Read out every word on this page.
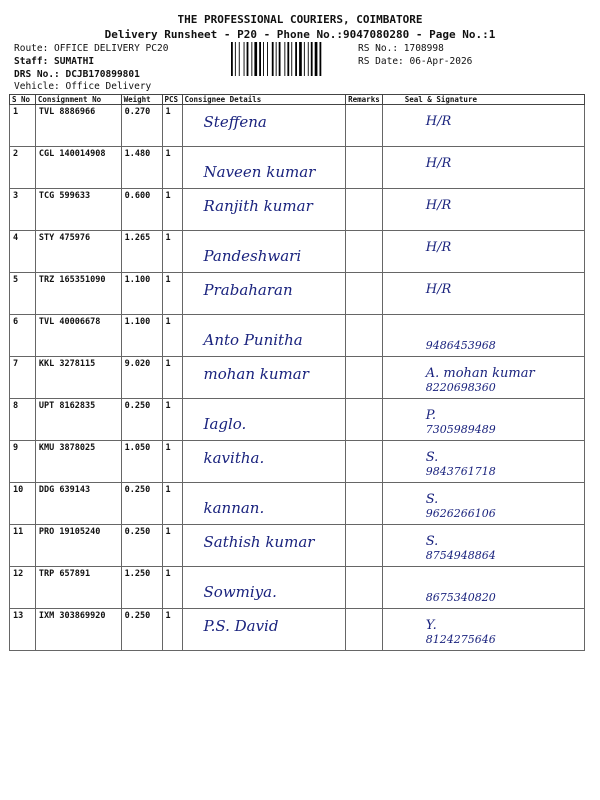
THE PROFESSIONAL COURIERS, COIMBATORE
Delivery Runsheet - P20 - Phone No.:9047080280 - Page No.:1
Route: OFFICE DELIVERY PC20
Staff: SUMATHI
DRS No.: DCJB170899801
Vehicle: Office Delivery
RS No.: 1708998
RS Date: 06-Apr-2026
S No	Consignment No	Weight	PCS	Consignee Details	Remarks	Seal & Signature
1	TVL 8886966	0.270	1	Steffena		H/R

2	CGL 140014908	1.480	1	Naveen kumar		H/R

3	TCG 599633	0.600	1	Ranjith kumar		H/R

4	STY 475976	1.265	1	Pandeshwari		H/R

5	TRZ 165351090	1.100	1	Prabaharan		H/R

6	TVL 40006678	1.100	1	Anto Punitha		9486453968

7	KKL 3278115	9.020	1	mohan kumar		A. mohan kumar
8220698360

8	UPT 8162835	0.250	1	Iaglo.		P.
7305989489

9	KMU 3878025	1.050	1	kavitha.		S.
9843761718

10	DDG 639143	0.250	1	kannan.		S.
9626266106

11	PRO 19105240	0.250	1	Sathish kumar		S.
8754948864

12	TRP 657891	1.250	1	Sowmiya.		8675340820

13	IXM 303869920	0.250	1	P.S. David		Y.
8124275646
